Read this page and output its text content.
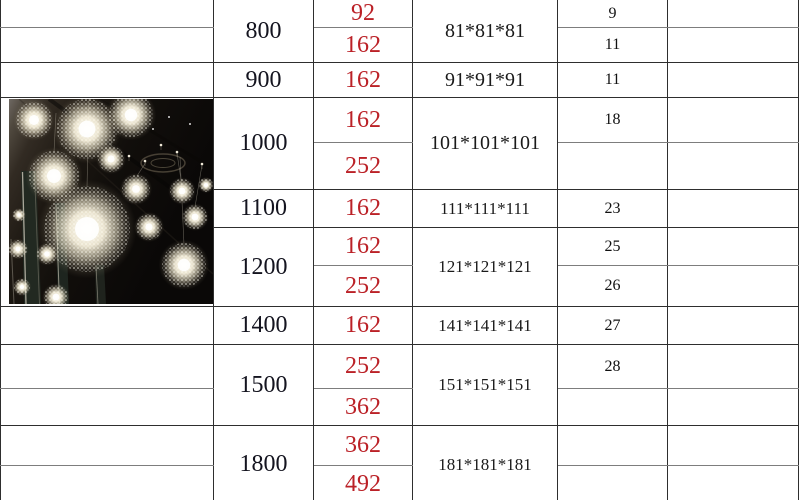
	800	92	81*81*81	9	
		162		11	
	900	162	91*91*91	11	

	1000	162	101*101*101	18	
		252			
	1100	162	111*111*111	23	
	1200	162	121*121*121	25	
		252		26	
	1400	162	141*141*141	27	
	1500	252	151*151*151	28	
		362			
	1800	362	181*181*181		
		492			
